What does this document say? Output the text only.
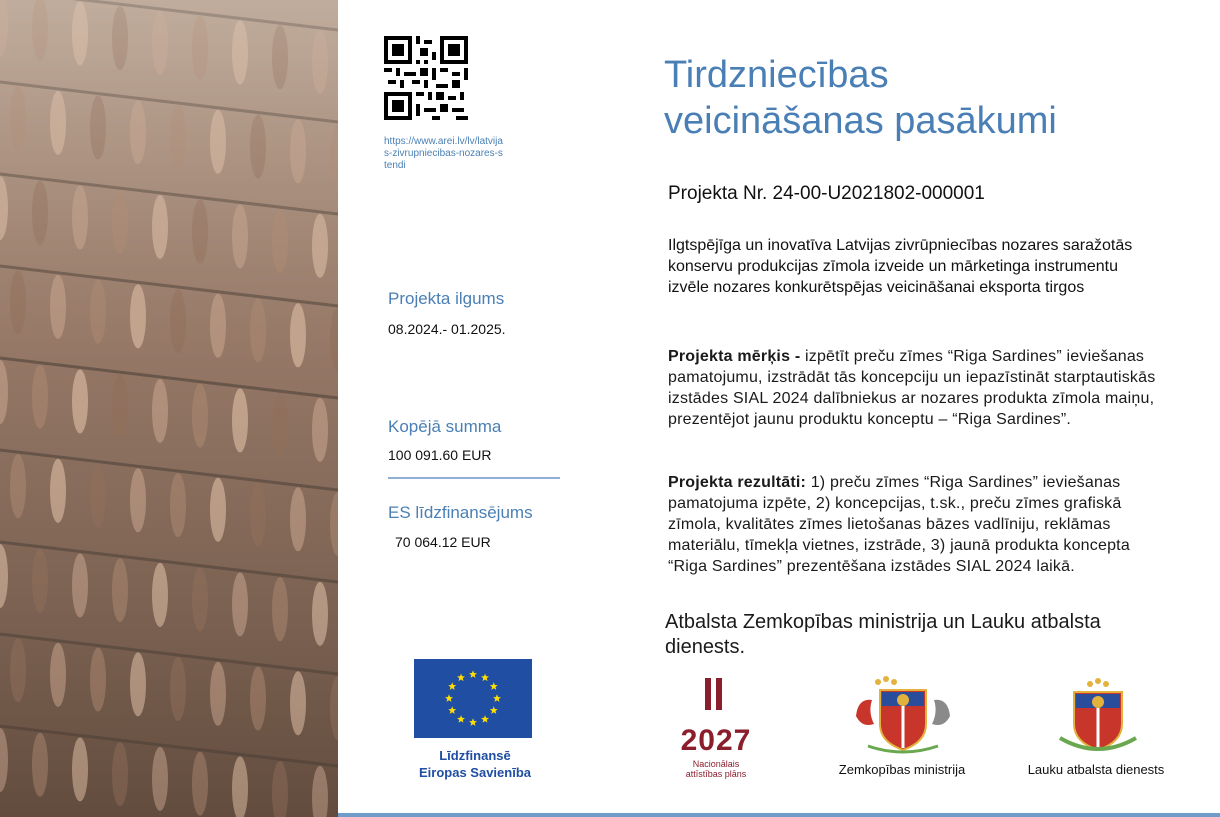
https://www.arei.lv/lv/latvijas-zivrupniecibas-nozares-stendi
Projekta ilgums
08.2024.- 01.2025.
Kopējā summa
100 091.60 EUR
ES līdzfinansējums
70 064.12 EUR
Līdzfinansē
Eiropas Savienība
Tirdzniecības
veicināšanas pasākumi
Projekta Nr. 24-00-U2021802-000001
Ilgtspējīga un inovatīva Latvijas zivrūpniecības nozares saražotās konservu produkcijas zīmola izveide un mārketinga instrumentu izvēle nozares konkurētspējas veicināšanai eksporta tirgos
Projekta mērķis - izpētīt preču zīmes “Riga Sardines” ieviešanas pamatojumu, izstrādāt tās koncepciju un iepazīstināt starptautiskās izstādes SIAL 2024 dalībniekus ar nozares produkta zīmola maiņu, prezentējot jaunu produktu konceptu – “Riga Sardines”.
Projekta rezultāti: 1) preču zīmes “Riga Sardines” ieviešanas pamatojuma izpēte, 2) koncepcijas, t.sk., preču zīmes grafiskā zīmola, kvalitātes zīmes lietošanas bāzes vadlīniju, reklāmas materiālu, tīmekļa vietnes, izstrāde, 3) jaunā produkta koncepta “Riga Sardines” prezentēšana izstādes SIAL 2024 laikā.
Atbalsta Zemkopības ministrija un Lauku atbalsta dienests.
2027
Nacionālais
attīstības plāns	Zemkopības ministrija	Lauku atbalsta dienests
